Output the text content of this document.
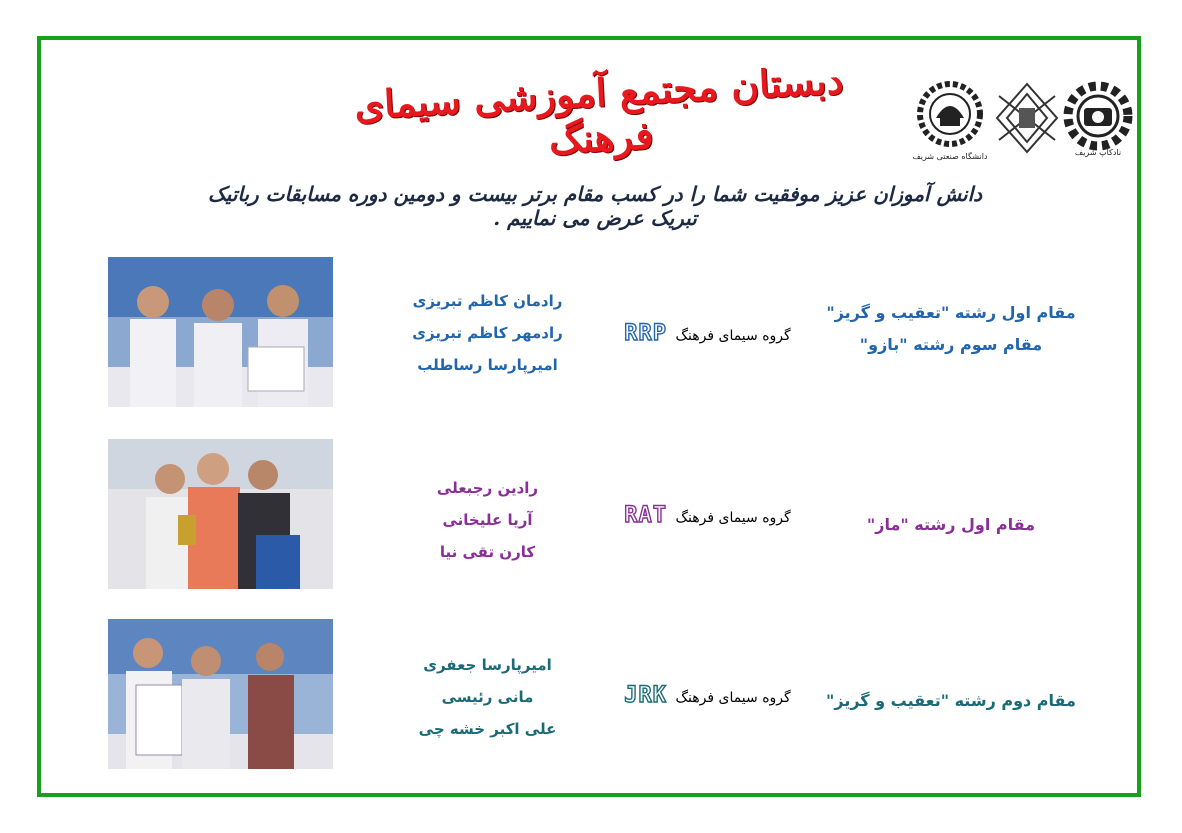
دبستان مجتمع آموزشی سیمای فرهنگ
دانش آموزان عزیز موفقیت شما را در کسب مقام برتر بیست و دومین دوره مسابقات رباتیک تبریک عرض می نماییم .
نادکاپ شریف
دانشگاه صنعتی شریف
رادمان کاظم تبریزی
رادمهر کاظم تبریزی
امیرپارسا رساطلب
گروه سیمای فرهنگ RRP
مقام اول رشته "تعقیب و گریز"
مقام سوم رشته "بازو"
رادین رجبعلی
آریا علیخانی
کارن تقی نیا
گروه سیمای فرهنگ RAT	مقام اول رشته "ماز"
امیرپارسا جعفری
مانی رئیسی
علی اکبر خشه چی
گروه سیمای فرهنگ JRK	مقام دوم رشته "تعقیب و گریز"
